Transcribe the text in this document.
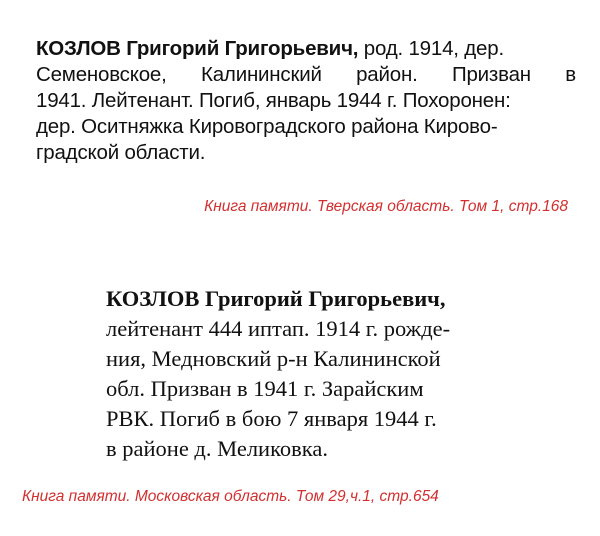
КОЗЛОВ Григорий Григорьевич, род. 1914, дер.
Семеновское, Калининский район. Призван в
1941. Лейтенант. Погиб, январь 1944 г. Похоронен:
дер. Оситняжка Кировоградского района Кирово-
градской области.
Книга памяти. Тверская область. Том 1, стр.168
КОЗЛОВ Григорий Григорьевич,
лейтенант 444 иптап. 1914 г. рожде-
ния, Медновский р-н Калининской
обл. Призван в 1941 г. Зарайским
РВК. Погиб в бою 7 января 1944 г.
в районе д. Меликовка.
Книга памяти. Московская область. Том 29,ч.1, стр.654
